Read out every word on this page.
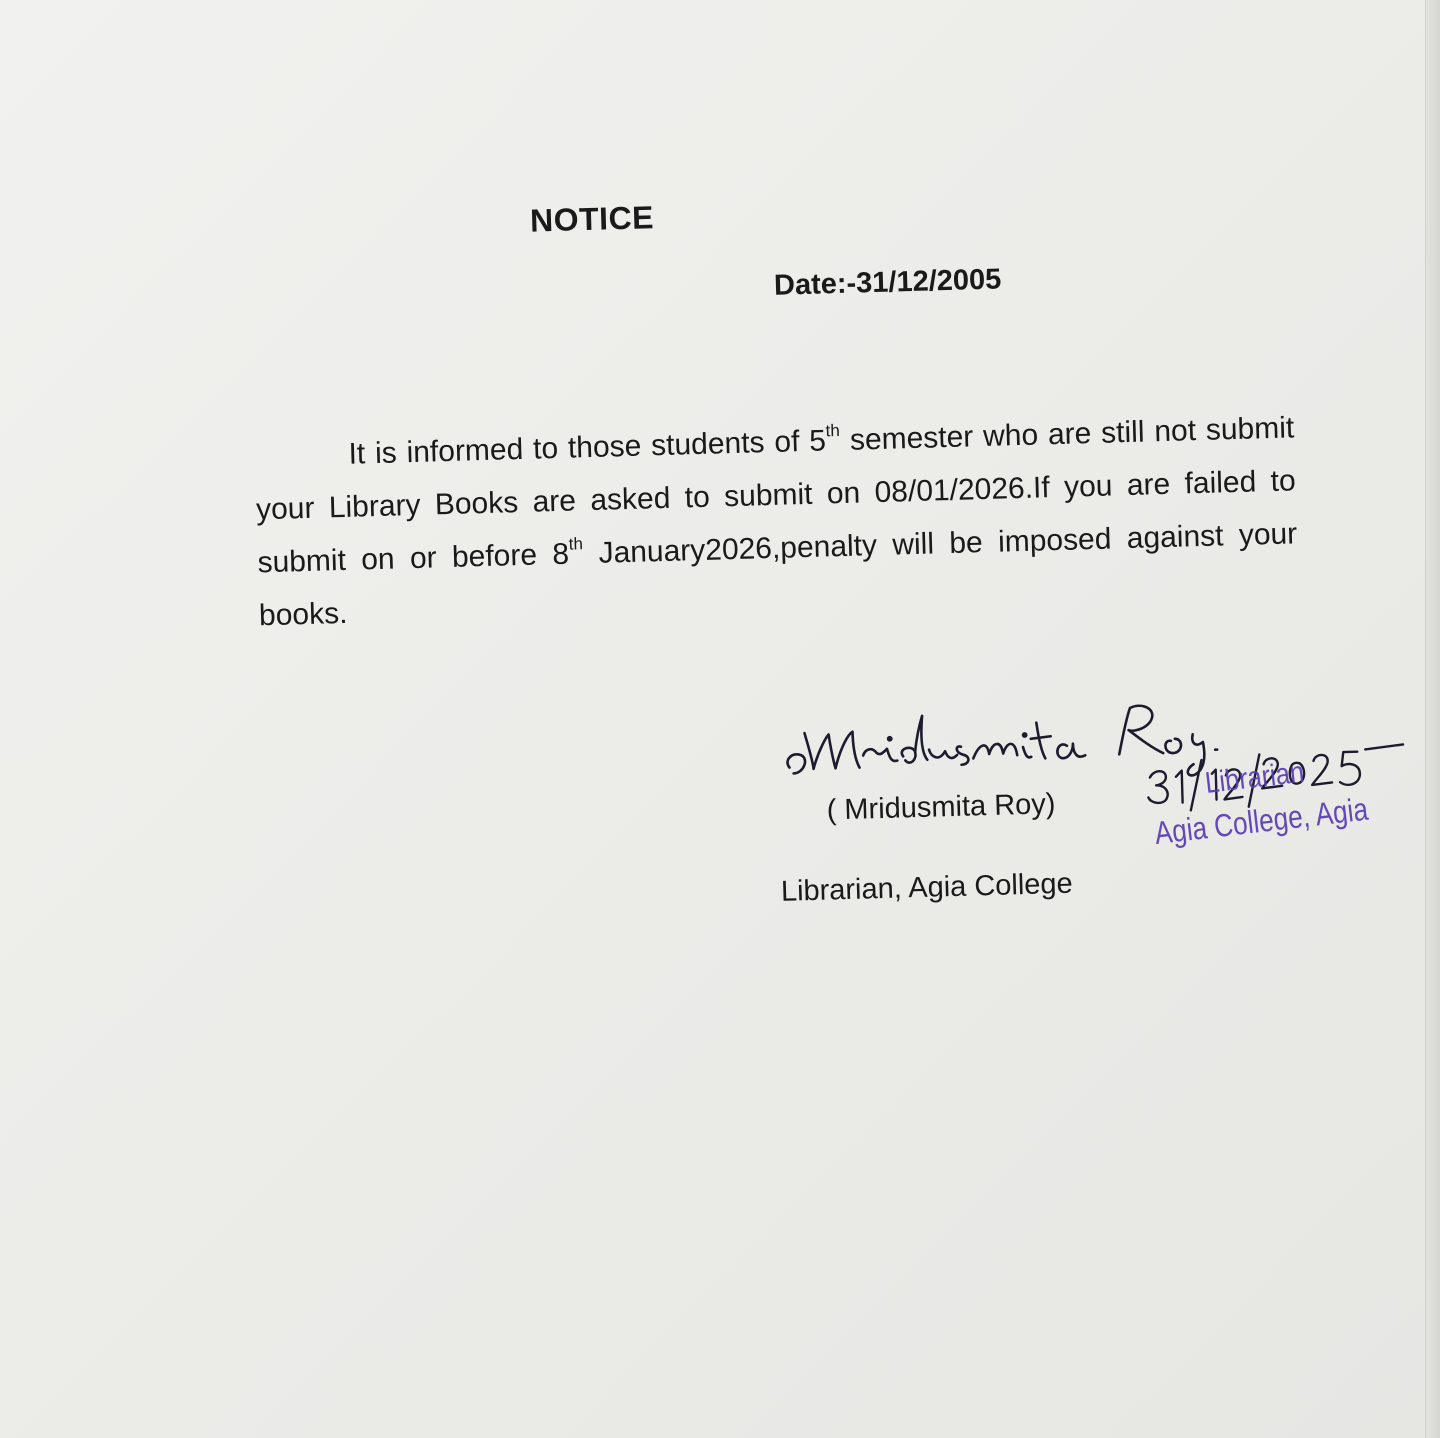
NOTICE
Date:-31/12/2005
It is informed to those students of 5th semester who are still not submit your Library Books are asked to submit on 08/01/2026.If you are failed to submit on or before 8th January2026,penalty will be imposed against your books.
( Mridusmita Roy)
Librarian, Agia College
Librarian
Agia College, Agia
